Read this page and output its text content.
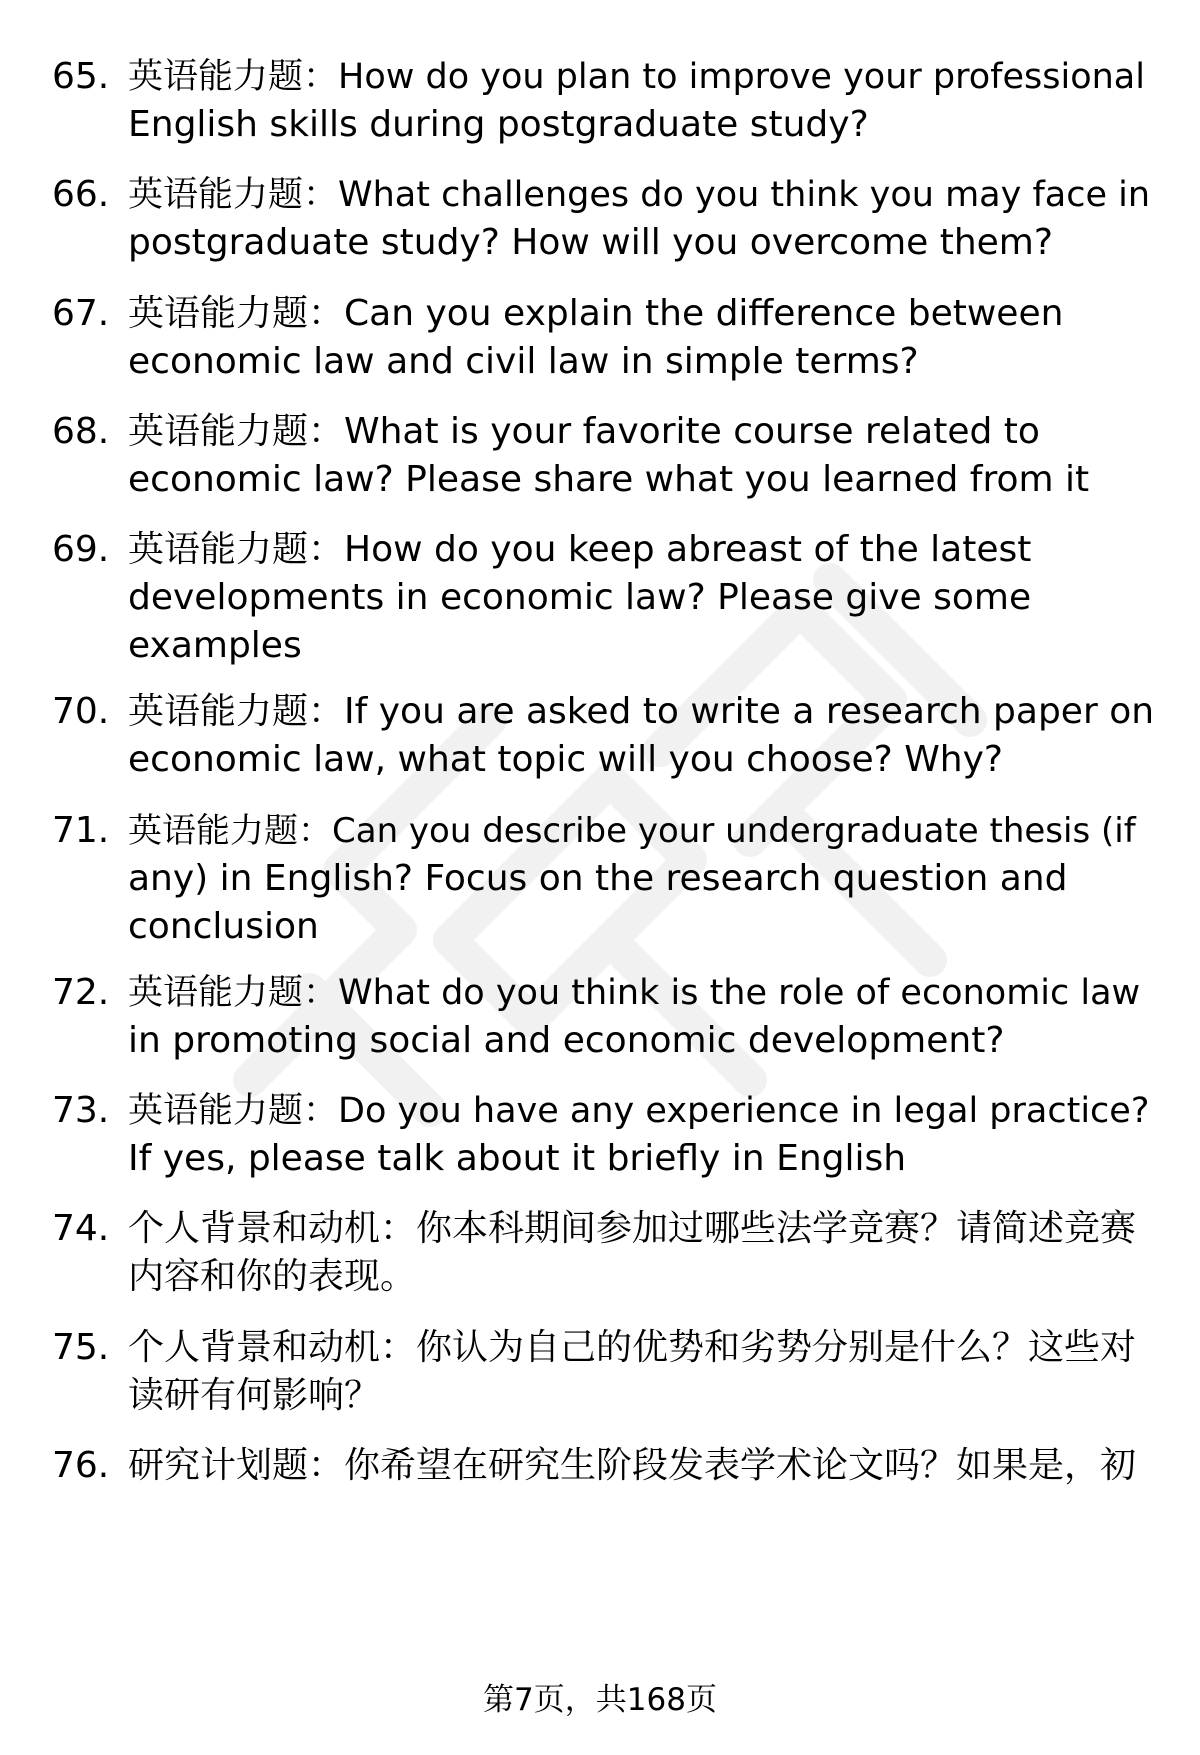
65. 英语能力题：How do you plan to improve your professional
English skills during postgraduate study?
66. 英语能力题：What challenges do you think you may face in
postgraduate study? How will you overcome them?
67. 英语能力题：Can you explain the difference between
economic law and civil law in simple terms?
68. 英语能力题：What is your favorite course related to
economic law? Please share what you learned from it
69. 英语能力题：How do you keep abreast of the latest
developments in economic law? Please give some
examples
70. 英语能力题：If you are asked to write a research paper on
economic law, what topic will you choose? Why?
71. 英语能力题：Can you describe your undergraduate thesis (if
any) in English? Focus on the research question and
conclusion
72. 英语能力题：What do you think is the role of economic law
in promoting social and economic development?
73. 英语能力题：Do you have any experience in legal practice?
If yes, please talk about it briefly in English
74. 个人背景和动机：你本科期间参加过哪些法学竞赛？请简述竞赛
内容和你的表现。
75. 个人背景和动机：你认为自己的优势和劣势分别是什么？这些对
读研有何影响？
76. 研究计划题：你希望在研究生阶段发表学术论文吗？如果是，初
第7页，共168页
